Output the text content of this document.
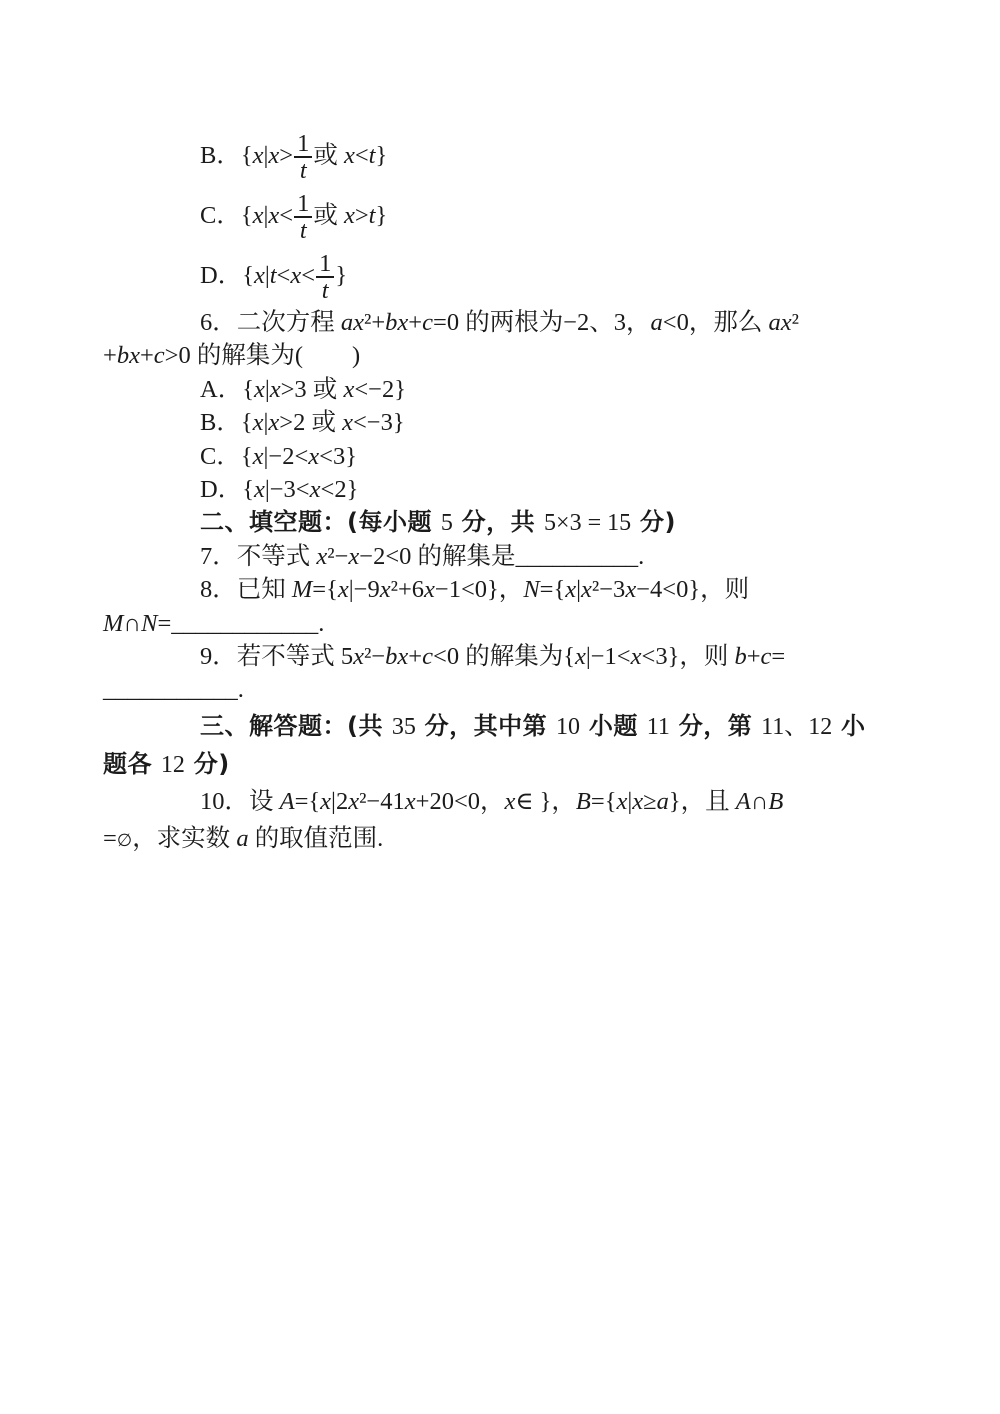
B．{$x|x> \frac{1}{t}$ 或 x<t}
C．{$x|x< \frac{1}{t}$ 或 x>t}
D．{$x|t<x< \frac{1}{t}$ }
6．二次方程 ax²+bx+c=0 的两根为−2、3，a<0，那么 ax²
+bx+c>0 的解集为(        )
A．{x|x>3 或 x<−2}
B．{x|x>2 或 x<−3}
C．{x|−2<x<3}
D．{x|−3<x<2}
二、填空题：(每小题 5 分，共 5×3 = 15 分)
7．不等式 x²−x−2<0 的解集是__________.
8．已知 M={x|−9x²+6x−1<0}，N={x|x²−3x−4<0}，则
M∩N=____________.
9．若不等式 5x²−bx+c<0 的解集为{x|−1<x<3}，则 b+c=
___________.
三、解答题：(共 35 分，其中第 10 小题 11 分，第 11、12 小
题各 12 分)
10．设 A={x|2x²−41x+20<0，x∈ }，B={x|x≥a}，且 A∩B
=∅，求实数 a 的取值范围.
